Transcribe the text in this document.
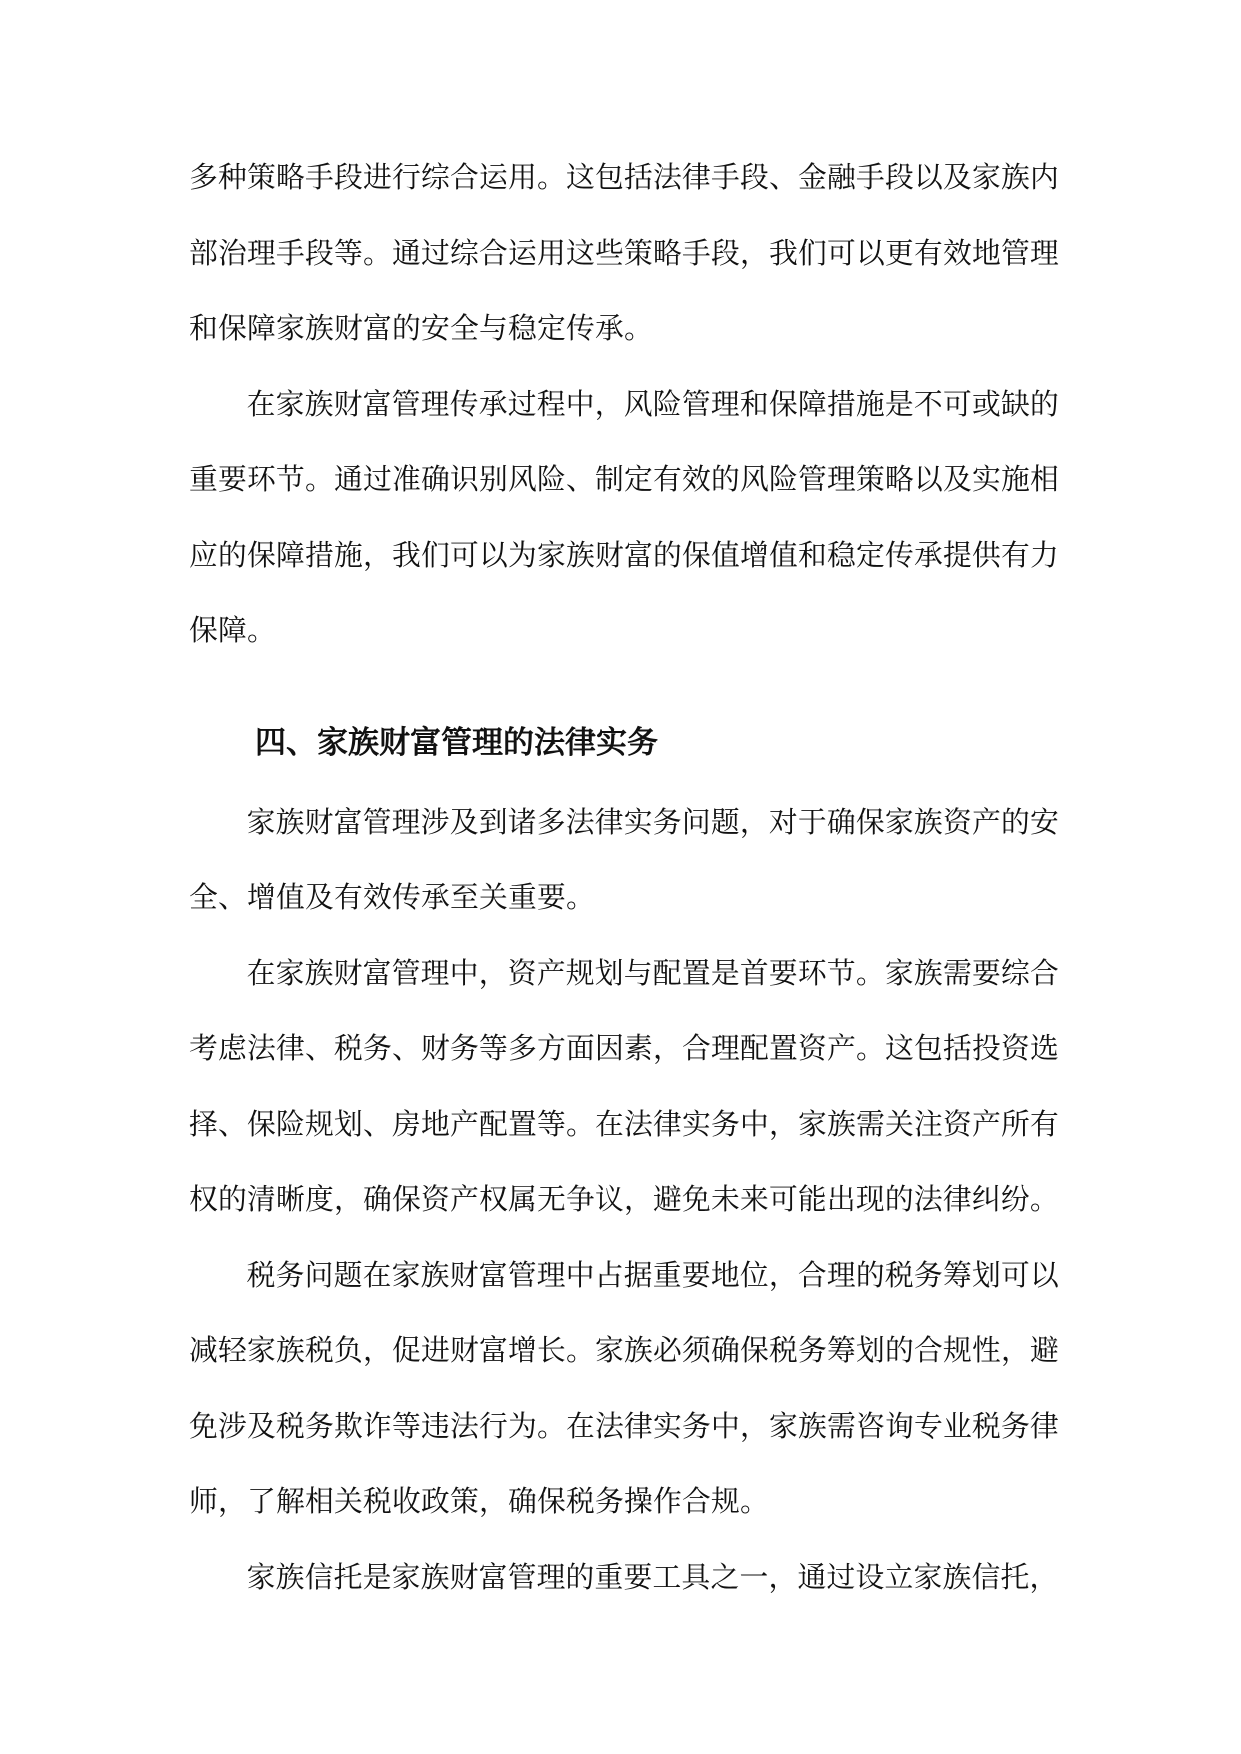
多种策略手段进行综合运用。这包括法律手段、金融手段以及家族内部治理手段等。通过综合运用这些策略手段，我们可以更有效地管理和保障家族财富的安全与稳定传承。

在家族财富管理传承过程中，风险管理和保障措施是不可或缺的重要环节。通过准确识别风险、制定有效的风险管理策略以及实施相应的保障措施，我们可以为家族财富的保值增值和稳定传承提供有力保障。

四、家族财富管理的法律实务

家族财富管理涉及到诸多法律实务问题，对于确保家族资产的安全、增值及有效传承至关重要。

在家族财富管理中，资产规划与配置是首要环节。家族需要综合考虑法律、税务、财务等多方面因素，合理配置资产。这包括投资选择、保险规划、房地产配置等。在法律实务中，家族需关注资产所有权的清晰度，确保资产权属无争议，避免未来可能出现的法律纠纷。

税务问题在家族财富管理中占据重要地位，合理的税务筹划可以减轻家族税负，促进财富增长。家族必须确保税务筹划的合规性，避免涉及税务欺诈等违法行为。在法律实务中，家族需咨询专业税务律师，了解相关税收政策，确保税务操作合规。

家族信托是家族财富管理的重要工具之一，通过设立家族信托，
